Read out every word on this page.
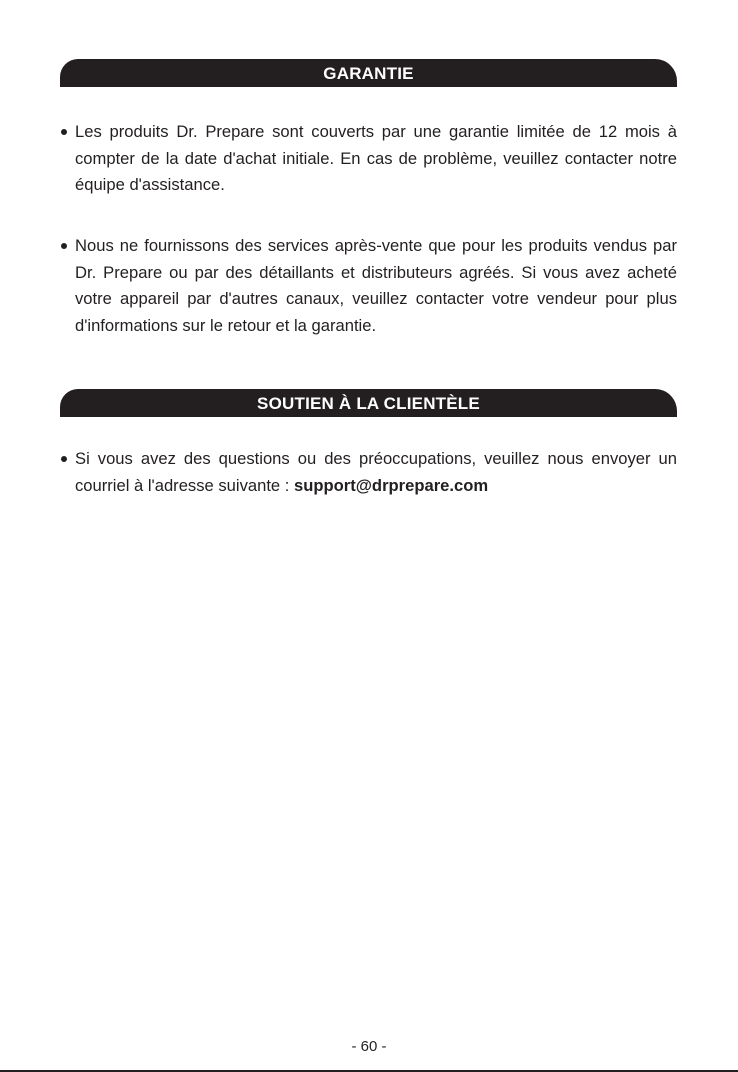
GARANTIE
Les produits Dr. Prepare sont couverts par une garantie limitée de 12 mois à compter de la date d'achat initiale. En cas de problème, veuillez contacter notre équipe d'assistance.
Nous ne fournissons des services après-vente que pour les produits vendus par Dr. Prepare ou par des détaillants et distributeurs agréés. Si vous avez acheté votre appareil par d'autres canaux, veuillez contacter votre vendeur pour plus d'informations sur le retour et la garantie.
SOUTIEN À LA CLIENTÈLE
Si vous avez des questions ou des préoccupations, veuillez nous envoyer un courriel à l'adresse suivante : support@drprepare.com
- 60 -
